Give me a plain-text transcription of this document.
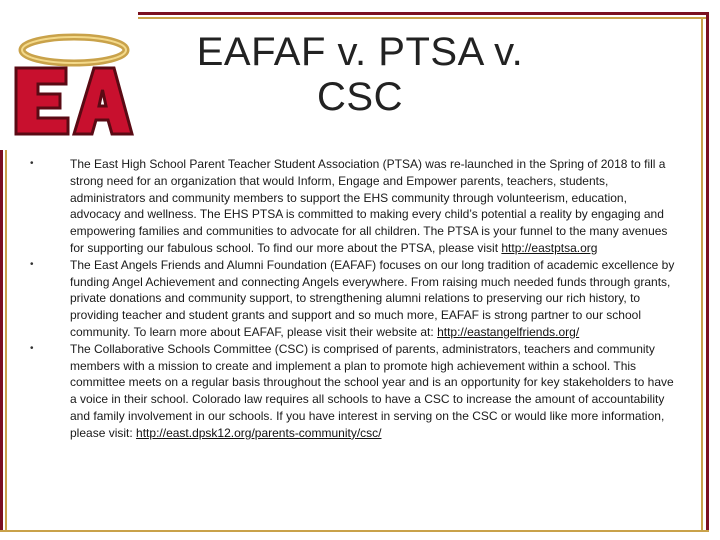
EAFAF v. PTSA v. CSC
•	The East High School Parent Teacher Student Association (PTSA) was re-launched in the Spring of 2018 to fill a strong need for an organization that would Inform, Engage and Empower parents, teachers, students, administrators and community members to support the EHS community through volunteerism, education, advocacy and wellness. The EHS PTSA is committed to making every child’s potential a reality by engaging and empowering families and communities to advocate for all children. The PTSA is your funnel to the many avenues for supporting our fabulous school. To find our more about the PTSA, please visit http://eastptsa.org
•	The East Angels Friends and Alumni Foundation (EAFAF) focuses on our long tradition of academic excellence by funding Angel Achievement and connecting Angels everywhere. From raising much needed funds through grants, private donations and community support, to strengthening alumni relations to preserving our rich history, to providing teacher and student grants and support and so much more, EAFAF is strong partner to our school community. To learn more about EAFAF, please visit their website at: http://eastangelfriends.org/
•	The Collaborative Schools Committee (CSC) is comprised of parents, administrators, teachers and community members with a mission to create and implement a plan to promote high achievement within a school. This committee meets on a regular basis throughout the school year and is an opportunity for key stakeholders to have a voice in their school. Colorado law requires all schools to have a CSC to increase the amount of accountability and family involvement in our schools. If you have interest in serving on the CSC or would like more information, please visit: http://east.dpsk12.org/parents-community/csc/
